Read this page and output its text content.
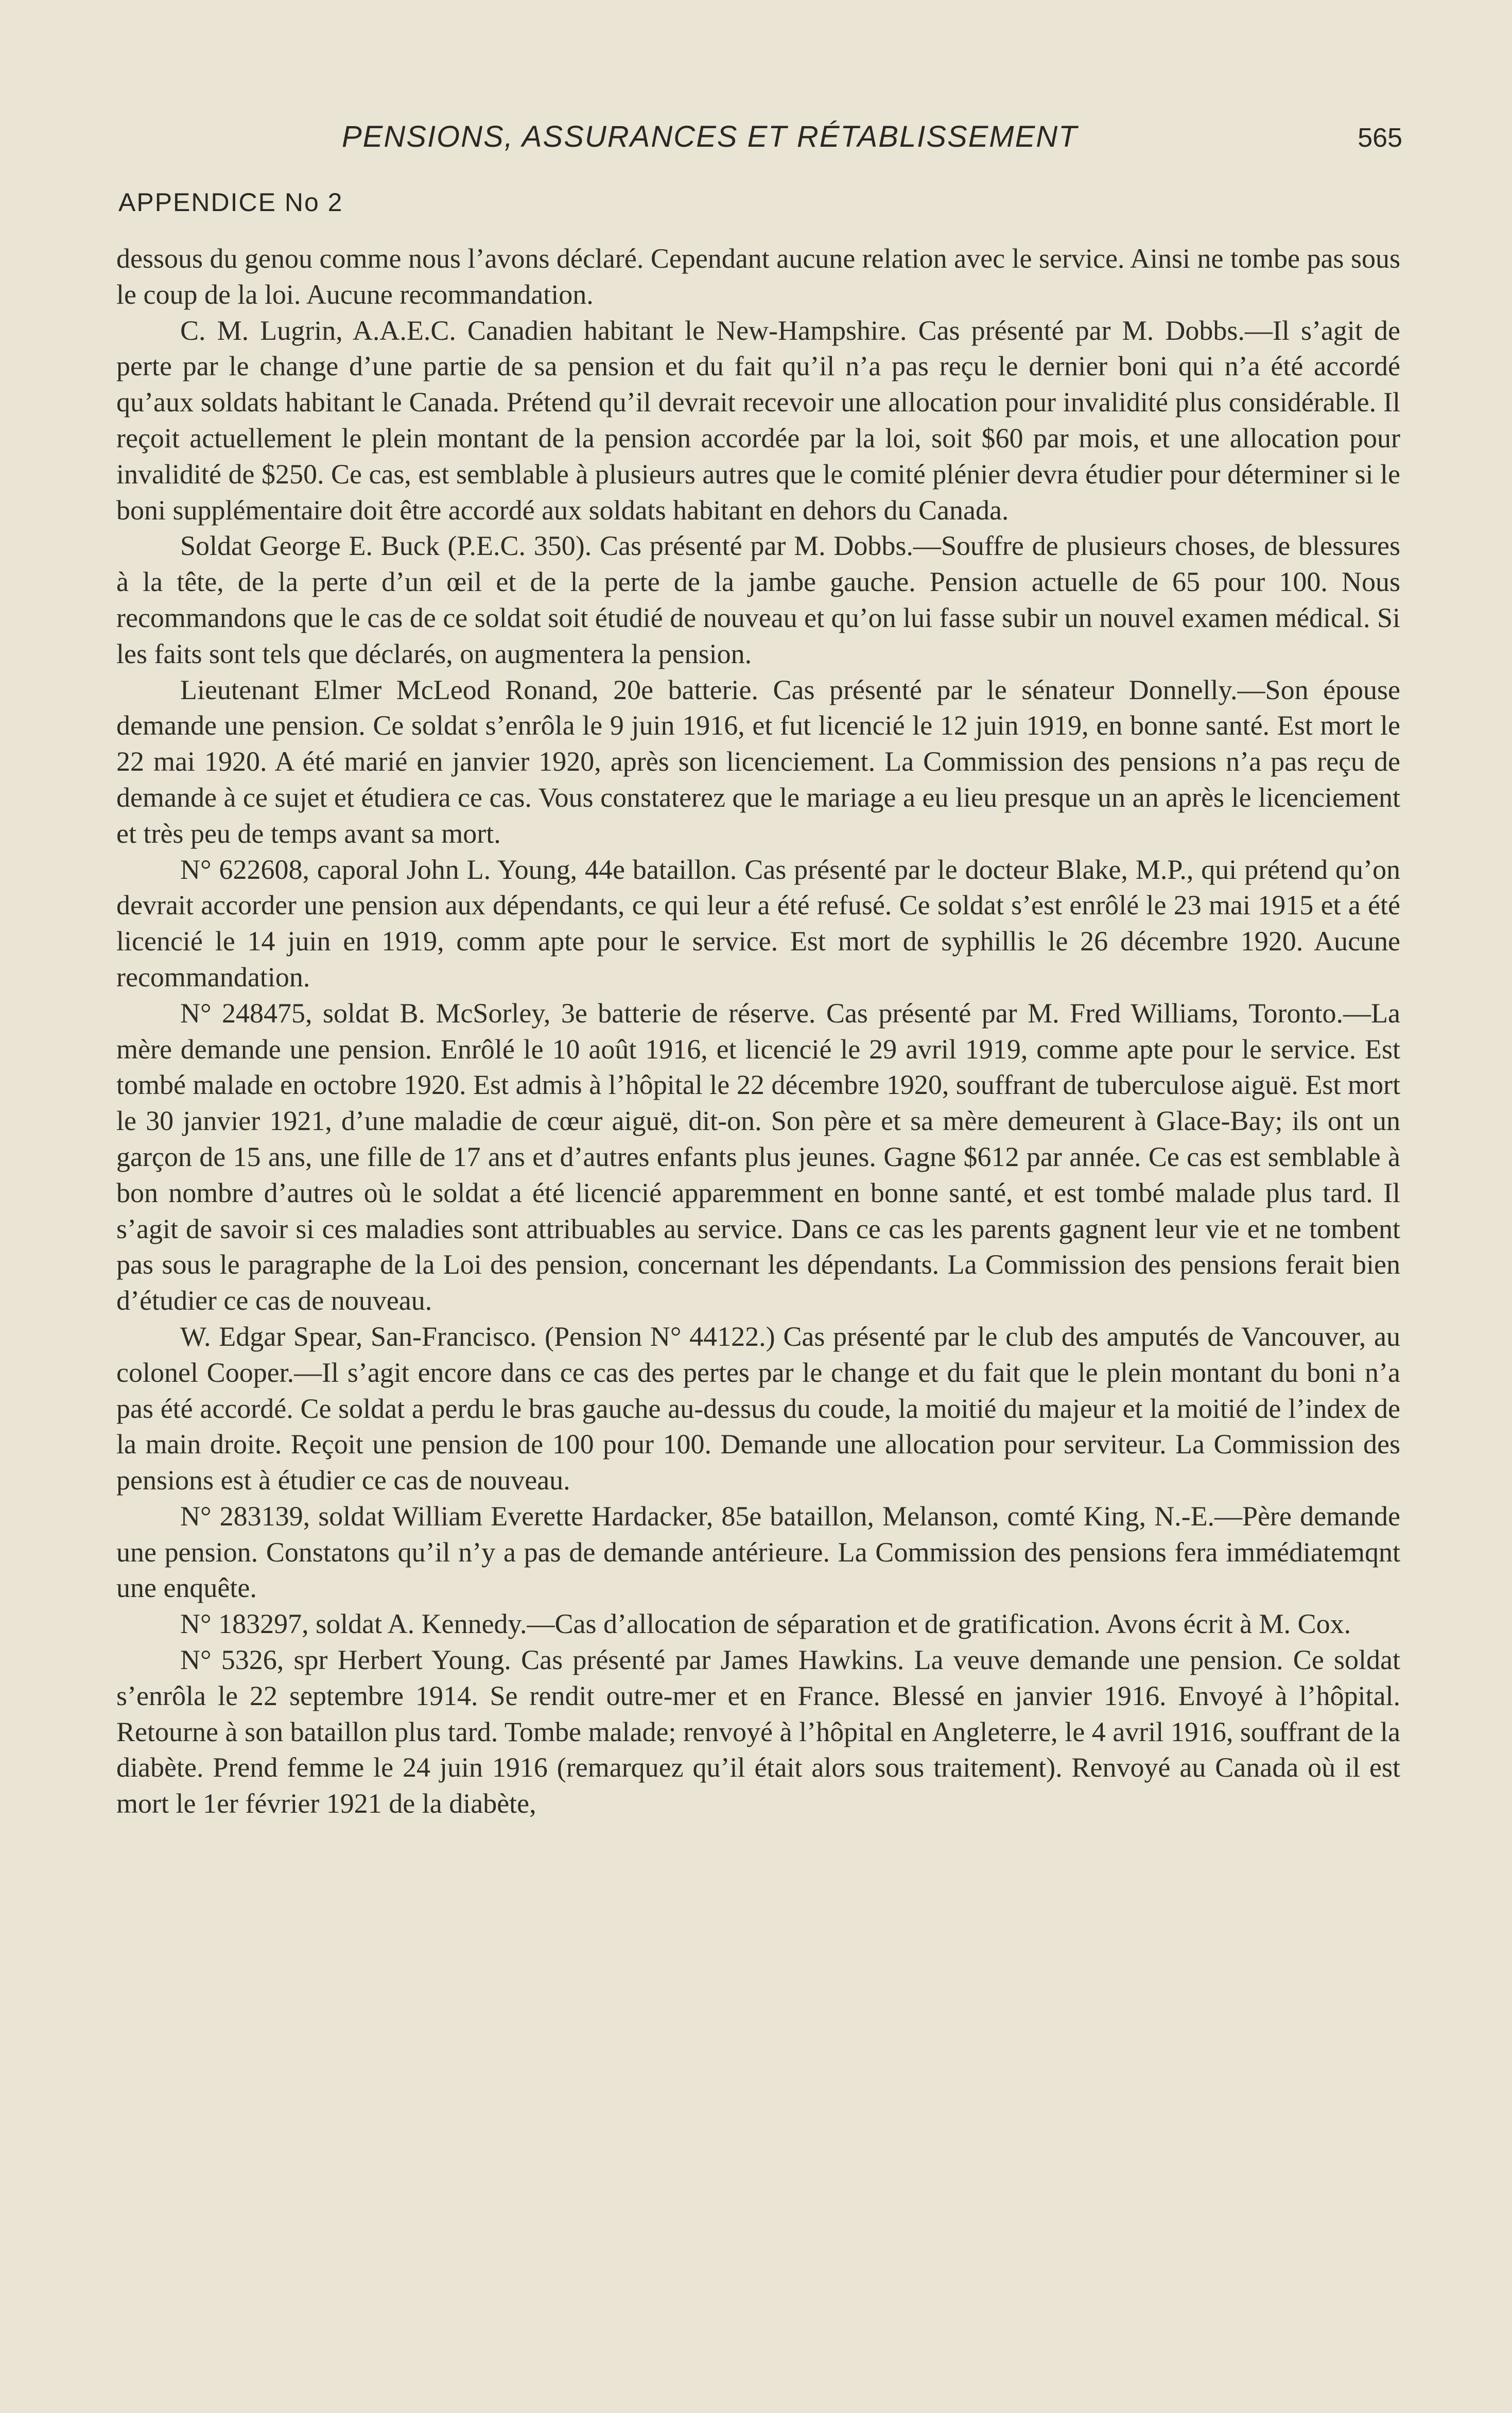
PENSIONS, ASSURANCES ET RÉTABLISSEMENT	565
APPENDICE No 2

dessous du genou comme nous l’avons déclaré. Cependant aucune relation avec le service. Ainsi ne tombe pas sous le coup de la loi. Aucune recommandation.

C. M. Lugrin, A.A.E.C. Canadien habitant le New-Hampshire. Cas présenté par M. Dobbs.—Il s’agit de perte par le change d’une partie de sa pension et du fait qu’il n’a pas reçu le dernier boni qui n’a été accordé qu’aux soldats habitant le Canada. Prétend qu’il devrait recevoir une allocation pour invalidité plus considérable. Il reçoit actuellement le plein montant de la pension accordée par la loi, soit $60 par mois, et une allocation pour invalidité de $250. Ce cas, est semblable à plusieurs autres que le comité plénier devra étudier pour déterminer si le boni supplémentaire doit être accordé aux soldats habitant en dehors du Canada.

Soldat George E. Buck (P.E.C. 350). Cas présenté par M. Dobbs.—Souffre de plusieurs choses, de blessures à la tête, de la perte d’un œil et de la perte de la jambe gauche. Pension actuelle de 65 pour 100. Nous recommandons que le cas de ce soldat soit étudié de nouveau et qu’on lui fasse subir un nouvel examen médical. Si les faits sont tels que déclarés, on augmentera la pension.

Lieutenant Elmer McLeod Ronand, 20e batterie. Cas présenté par le sénateur Donnelly.—Son épouse demande une pension. Ce soldat s’enrôla le 9 juin 1916, et fut licencié le 12 juin 1919, en bonne santé. Est mort le 22 mai 1920. A été marié en janvier 1920, après son licenciement. La Commission des pensions n’a pas reçu de demande à ce sujet et étudiera ce cas. Vous constaterez que le mariage a eu lieu presque un an après le licenciement et très peu de temps avant sa mort.

N° 622608, caporal John L. Young, 44e bataillon. Cas présenté par le docteur Blake, M.P., qui prétend qu’on devrait accorder une pension aux dépendants, ce qui leur a été refusé. Ce soldat s’est enrôlé le 23 mai 1915 et a été licencié le 14 juin en 1919, comm apte pour le service. Est mort de syphillis le 26 décembre 1920. Aucune recommandation.

N° 248475, soldat B. McSorley, 3e batterie de réserve. Cas présenté par M. Fred Williams, Toronto.—La mère demande une pension. Enrôlé le 10 août 1916, et licencié le 29 avril 1919, comme apte pour le service. Est tombé malade en octobre 1920. Est admis à l’hôpital le 22 décembre 1920, souffrant de tuberculose aiguë. Est mort le 30 janvier 1921, d’une maladie de cœur aiguë, dit-on. Son père et sa mère demeurent à Glace-Bay; ils ont un garçon de 15 ans, une fille de 17 ans et d’autres enfants plus jeunes. Gagne $612 par année. Ce cas est semblable à bon nombre d’autres où le soldat a été licencié apparemment en bonne santé, et est tombé malade plus tard. Il s’agit de savoir si ces maladies sont attribuables au service. Dans ce cas les parents gagnent leur vie et ne tombent pas sous le paragraphe de la Loi des pension, concernant les dépendants. La Commission des pensions ferait bien d’étudier ce cas de nouveau.

W. Edgar Spear, San-Francisco. (Pension N° 44122.) Cas présenté par le club des amputés de Vancouver, au colonel Cooper.—Il s’agit encore dans ce cas des pertes par le change et du fait que le plein montant du boni n’a pas été accordé. Ce soldat a perdu le bras gauche au-dessus du coude, la moitié du majeur et la moitié de l’index de la main droite. Reçoit une pension de 100 pour 100. Demande une allocation pour serviteur. La Commission des pensions est à étudier ce cas de nouveau.

N° 283139, soldat William Everette Hardacker, 85e bataillon, Melanson, comté King, N.-E.—Père demande une pension. Constatons qu’il n’y a pas de demande antérieure. La Commission des pensions fera immédiatemqnt une enquête.

N° 183297, soldat A. Kennedy.—Cas d’allocation de séparation et de gratification. Avons écrit à M. Cox.

N° 5326, spr Herbert Young. Cas présenté par James Hawkins. La veuve demande une pension. Ce soldat s’enrôla le 22 septembre 1914. Se rendit outre-mer et en France. Blessé en janvier 1916. Envoyé à l’hôpital. Retourne à son bataillon plus tard. Tombe malade; renvoyé à l’hôpital en Angleterre, le 4 avril 1916, souffrant de la diabète. Prend femme le 24 juin 1916 (remarquez qu’il était alors sous traitement). Renvoyé au Canada où il est mort le 1er février 1921 de la diabète,
